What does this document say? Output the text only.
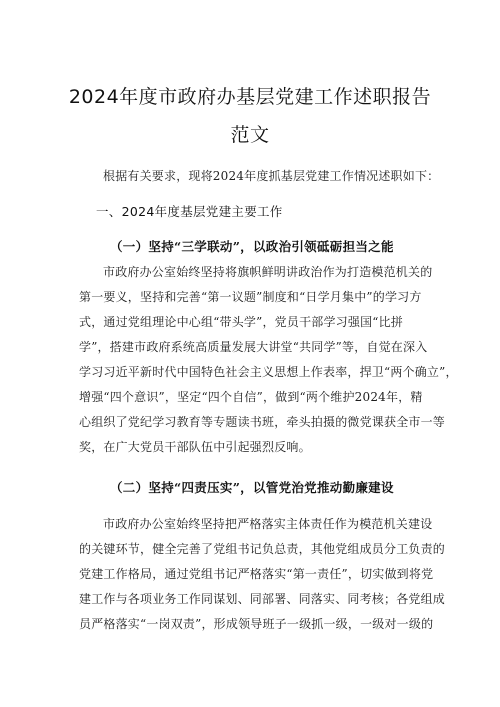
2024年度市政府办基层党建工作述职报告
范文
根据有关要求，现将2024年度抓基层党建工作情况述职如下：
一、2024年度基层党建主要工作
（一）坚持“三学联动”，以政治引领砥砺担当之能
市政府办公室始终坚持将旗帜鲜明讲政治作为打造模范机关的
第一要义，坚持和完善“第一议题”制度和“日学月集中”的学习方
式，通过党组理论中心组“带头学”，党员干部学习强国“比拼
学”，搭建市政府系统高质量发展大讲堂“共同学”等，自觉在深入
学习习近平新时代中国特色社会主义思想上作表率，捍卫“两个确立”，
增强“四个意识”，坚定“四个自信”，做到“两个维护2024年，精
心组织了党纪学习教育等专题读书班，牵头拍摄的微党课获全市一等
奖，在广大党员干部队伍中引起强烈反响。
（二）坚持“四责压实”，以管党治党推动勤廉建设
市政府办公室始终坚持把严格落实主体责任作为模范机关建设
的关键环节，健全完善了党组书记负总责，其他党组成员分工负责的
党建工作格局，通过党组书记严格落实“第一责任”，切实做到将党
建工作与各项业务工作同谋划、同部署、同落实、同考核；各党组成
员严格落实“一岗双责”，形成领导班子一级抓一级，一级对一级的
